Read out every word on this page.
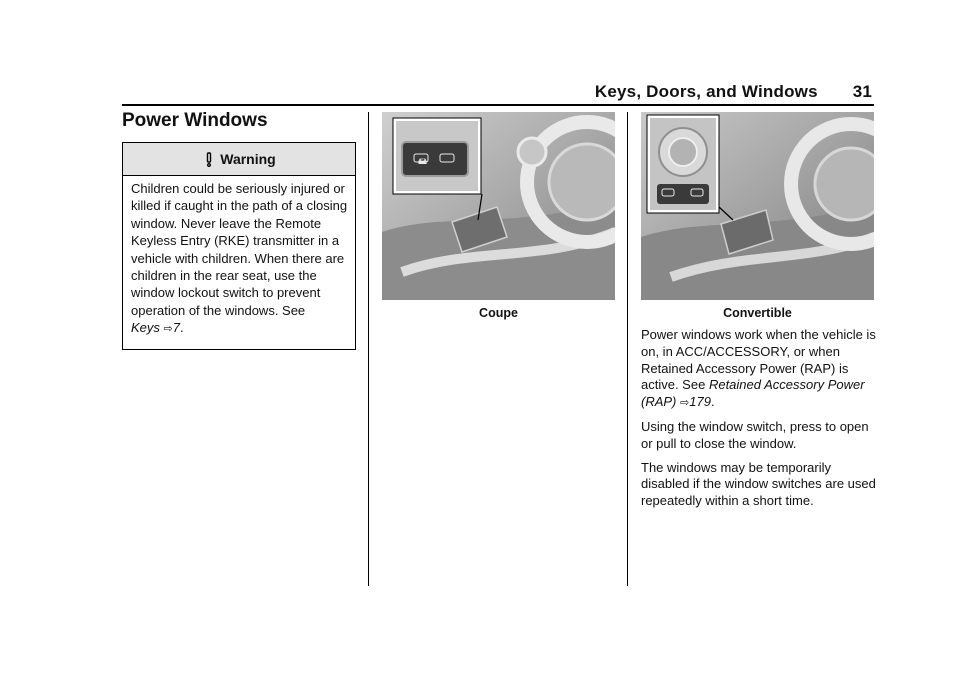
Keys, Doors, and Windows 31
Power Windows
Warning
Children could be seriously injured or killed if caught in the path of a closing window. Never leave the Remote Keyless Entry (RKE) transmitter in a vehicle with children. When there are children in the rear seat, use the window lockout switch to prevent operation of the windows. See
Keys ⇨7.
🖴
Coupe	Convertible

Power windows work when the vehicle is on, in ACC/ACCESSORY, or when Retained Accessory Power (RAP) is active. See Retained Accessory Power (RAP) ⇨179.

Using the window switch, press to open or pull to close the window.

The windows may be temporarily disabled if the window switches are used repeatedly within a short time.
